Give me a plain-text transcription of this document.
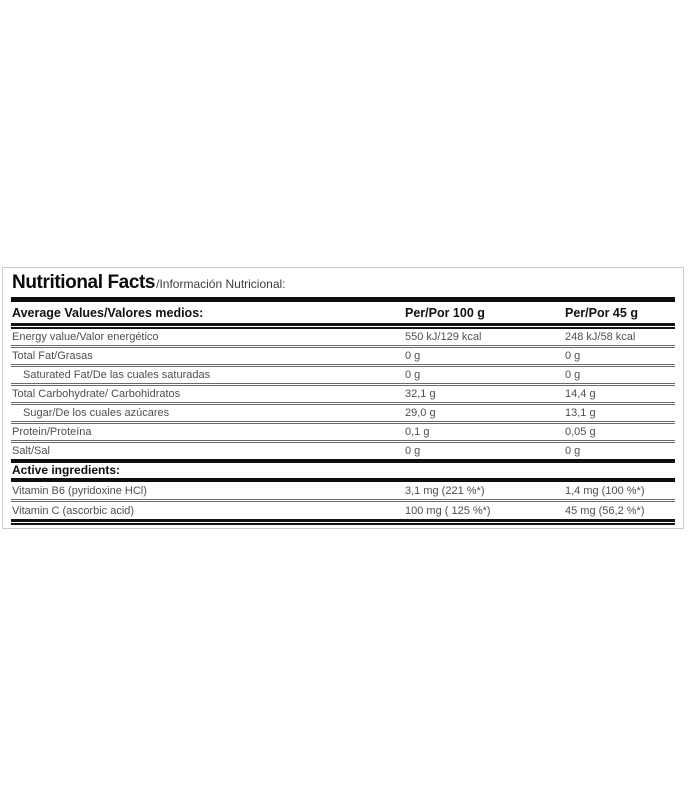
Nutritional Facts /Información Nutricional:
Average Values/Valores medios:	Per/Por 100 g	Per/Por 45 g
Energy value/Valor energético	550 kJ/129 kcal	248 kJ/58 kcal
Total Fat/Grasas	0 g	0 g
Saturated Fat/De las cuales saturadas	0 g	0 g
Total Carbohydrate/ Carbohidratos	32,1 g	14,4 g
Sugar/De los cuales azúcares	29,0 g	13,1 g
Protein/Proteína	0,1 g	0,05 g
Salt/Sal	0 g	0 g
Active ingredients:
Vitamin B6 (pyridoxine HCl)	3,1 mg (221 %*)	1,4 mg (100 %*)
Vitamin C (ascorbic acid)	100 mg ( 125 %*)	45 mg (56,2 %*)
